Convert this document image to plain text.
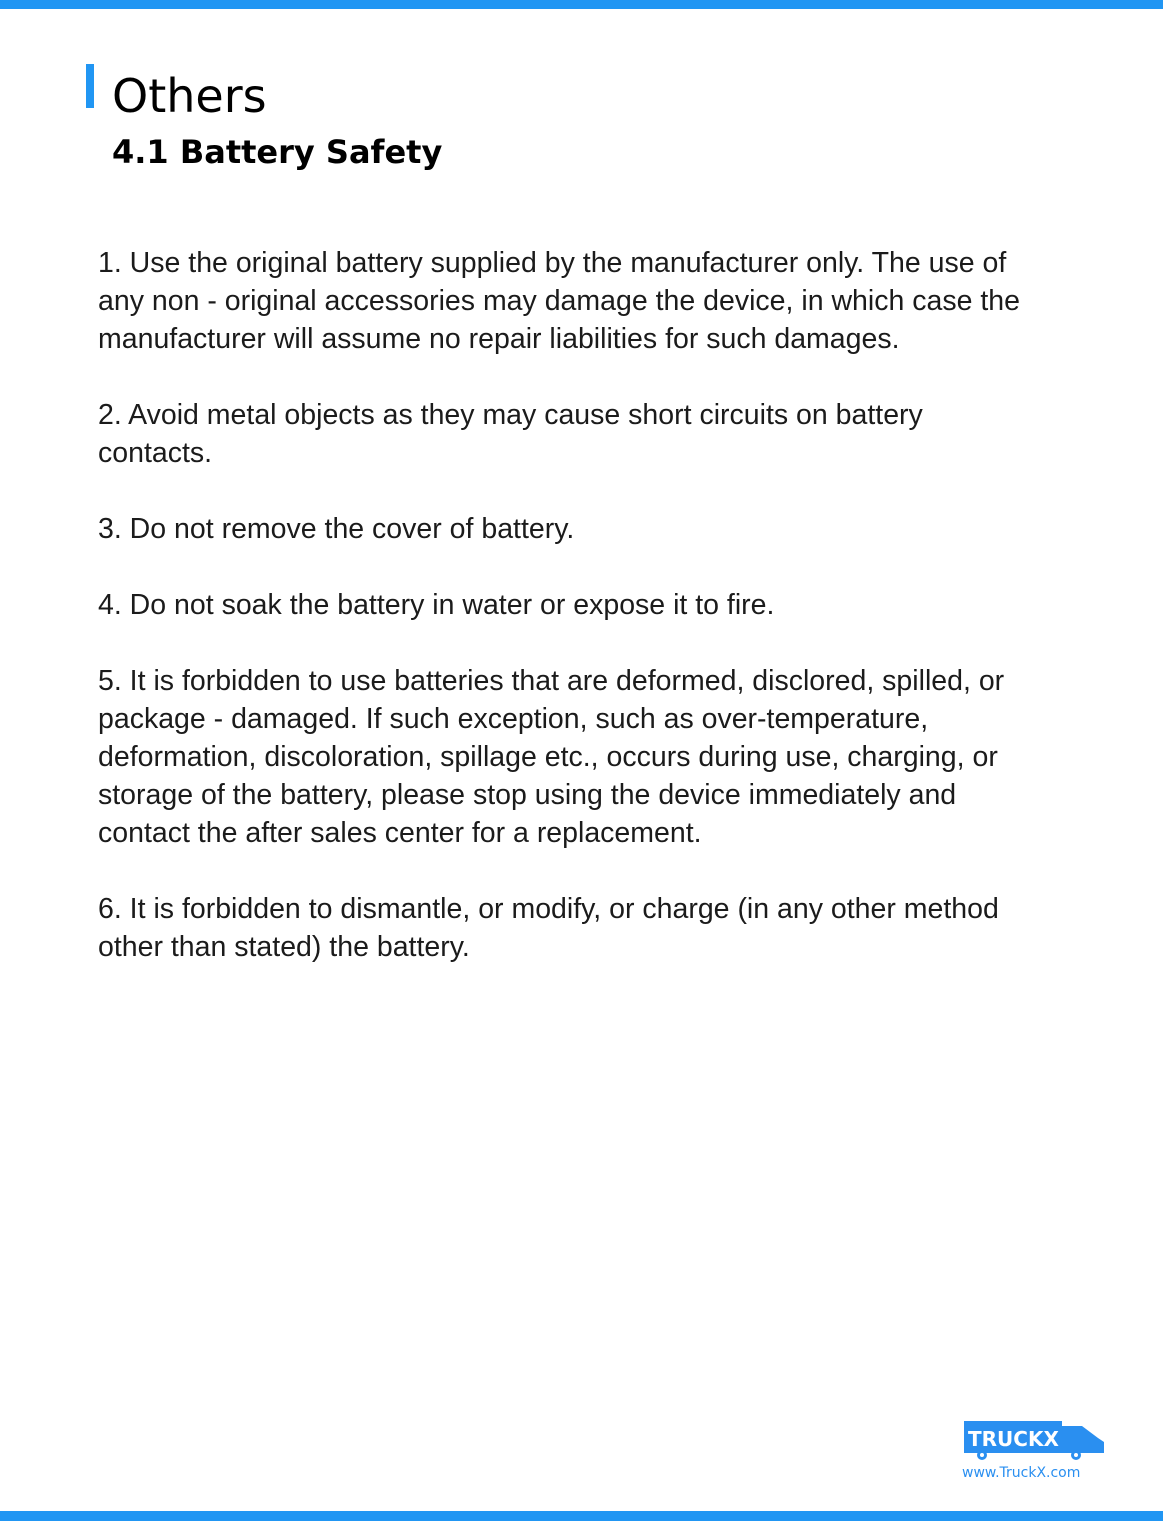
Others
4.1 Battery Safety

1. Use the original battery supplied by the manufacturer only. The use of any non - original accessories may damage the device, in which case the manufacturer will assume no repair liabilities for such damages.

2. Avoid metal objects as they may cause short circuits on battery contacts.

3. Do not remove the cover of battery.

4. Do not soak the battery in water or expose it to fire.

5. It is forbidden to use batteries that are deformed, disclored, spilled, or package - damaged. If such exception, such as over-temperature, deformation, discoloration, spillage etc., occurs during use, charging, or storage of the battery, please stop using the device immediately and contact the after sales center for a replacement.

6. It is forbidden to dismantle, or modify, or charge (in any other method other than stated) the battery.

TRUCKX
www.TruckX.com
